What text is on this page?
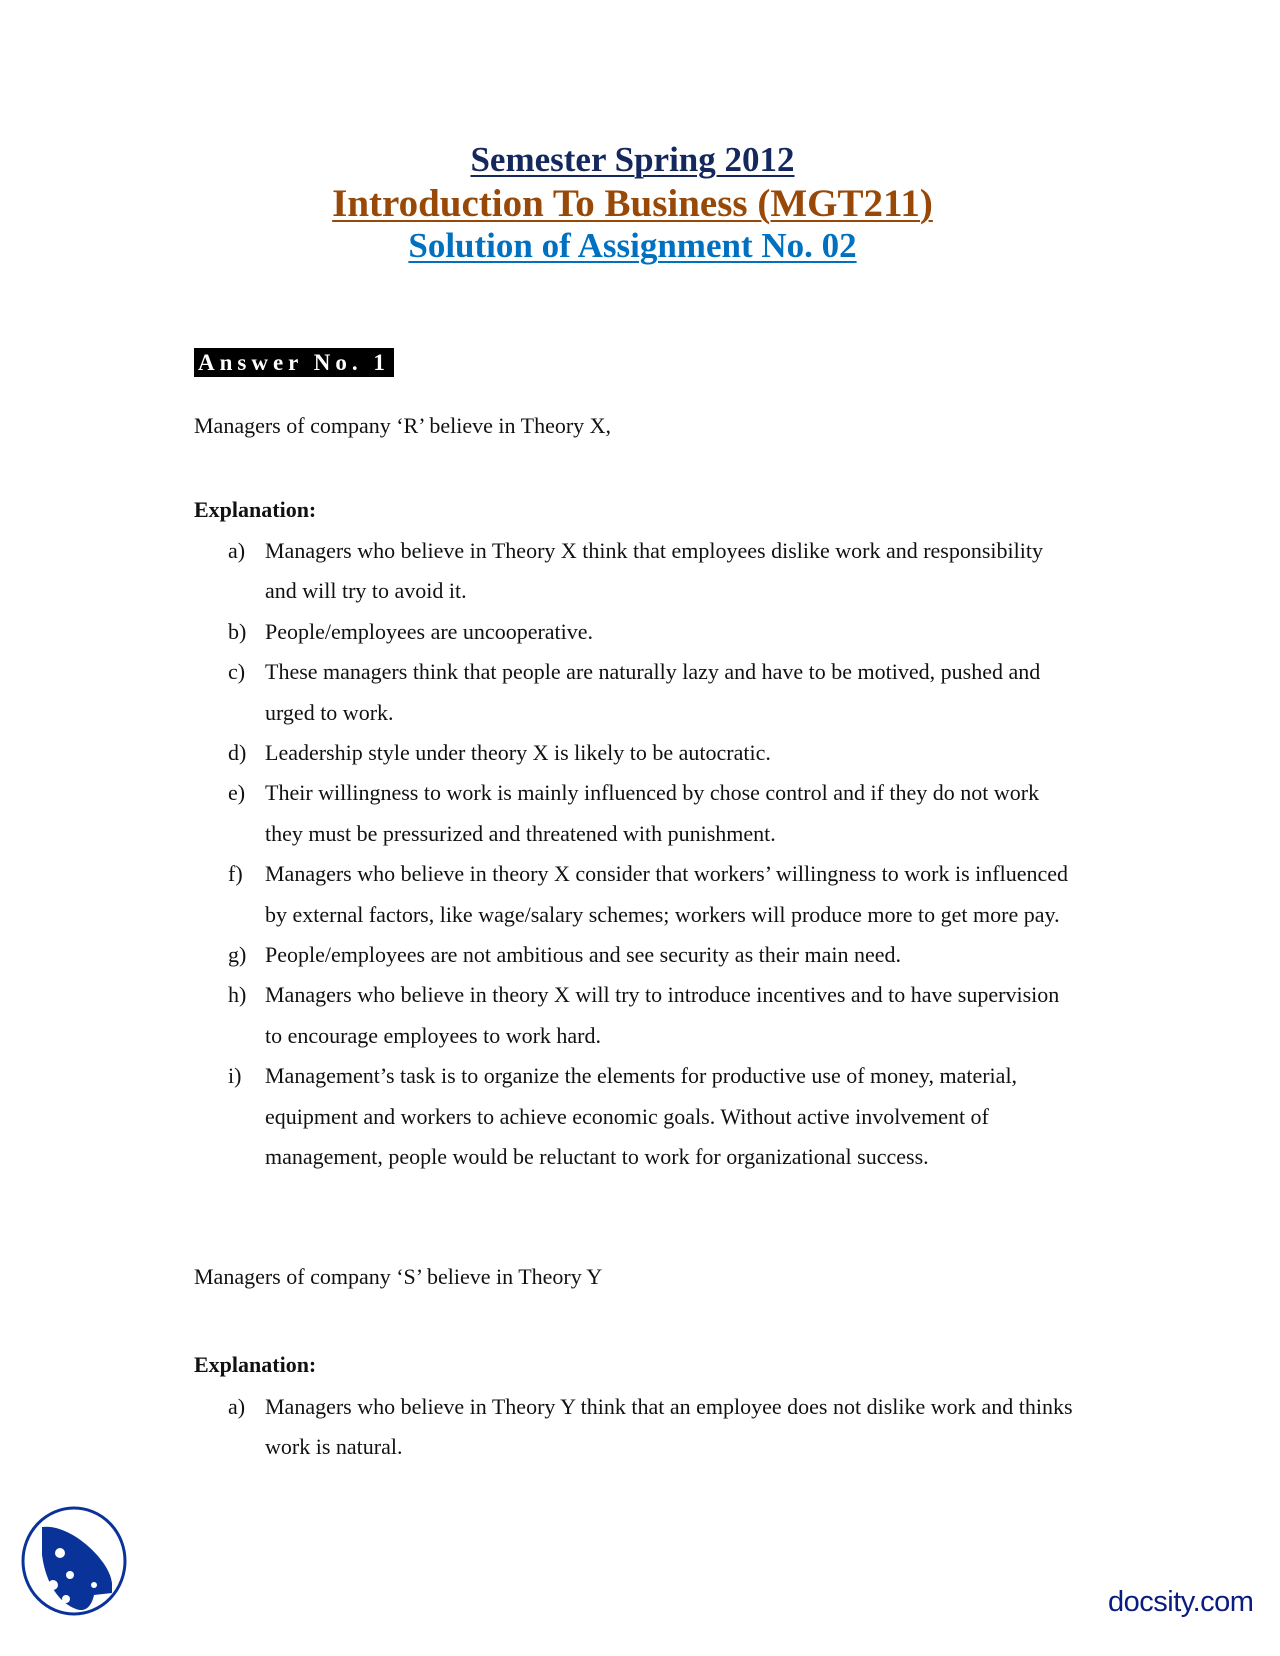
Semester Spring 2012
Introduction To Business (MGT211)
Solution of Assignment No. 02
Answer No. 1
Managers of company ‘R’ believe in Theory X,
Explanation:
a) Managers who believe in Theory X think that employees dislike work and responsibility and will try to avoid it.
b) People/employees are uncooperative.
c) These managers think that people are naturally lazy and have to be motived, pushed and urged to work.
d) Leadership style under theory X is likely to be autocratic.
e) Their willingness to work is mainly influenced by chose control and if they do not work they must be pressurized and threatened with punishment.
f) Managers who believe in theory X consider that workers’ willingness to work is influenced by external factors, like wage/salary schemes; workers will produce more to get more pay.
g) People/employees are not ambitious and see security as their main need.
h) Managers who believe in theory X will try to introduce incentives and to have supervision to encourage employees to work hard.
i) Management’s task is to organize the elements for productive use of money, material, equipment and workers to achieve economic goals. Without active involvement of management, people would be reluctant to work for organizational success.
Managers of company ‘S’ believe in Theory Y
Explanation:
a) Managers who believe in Theory Y think that an employee does not dislike work and thinks work is natural.
docsity.com
